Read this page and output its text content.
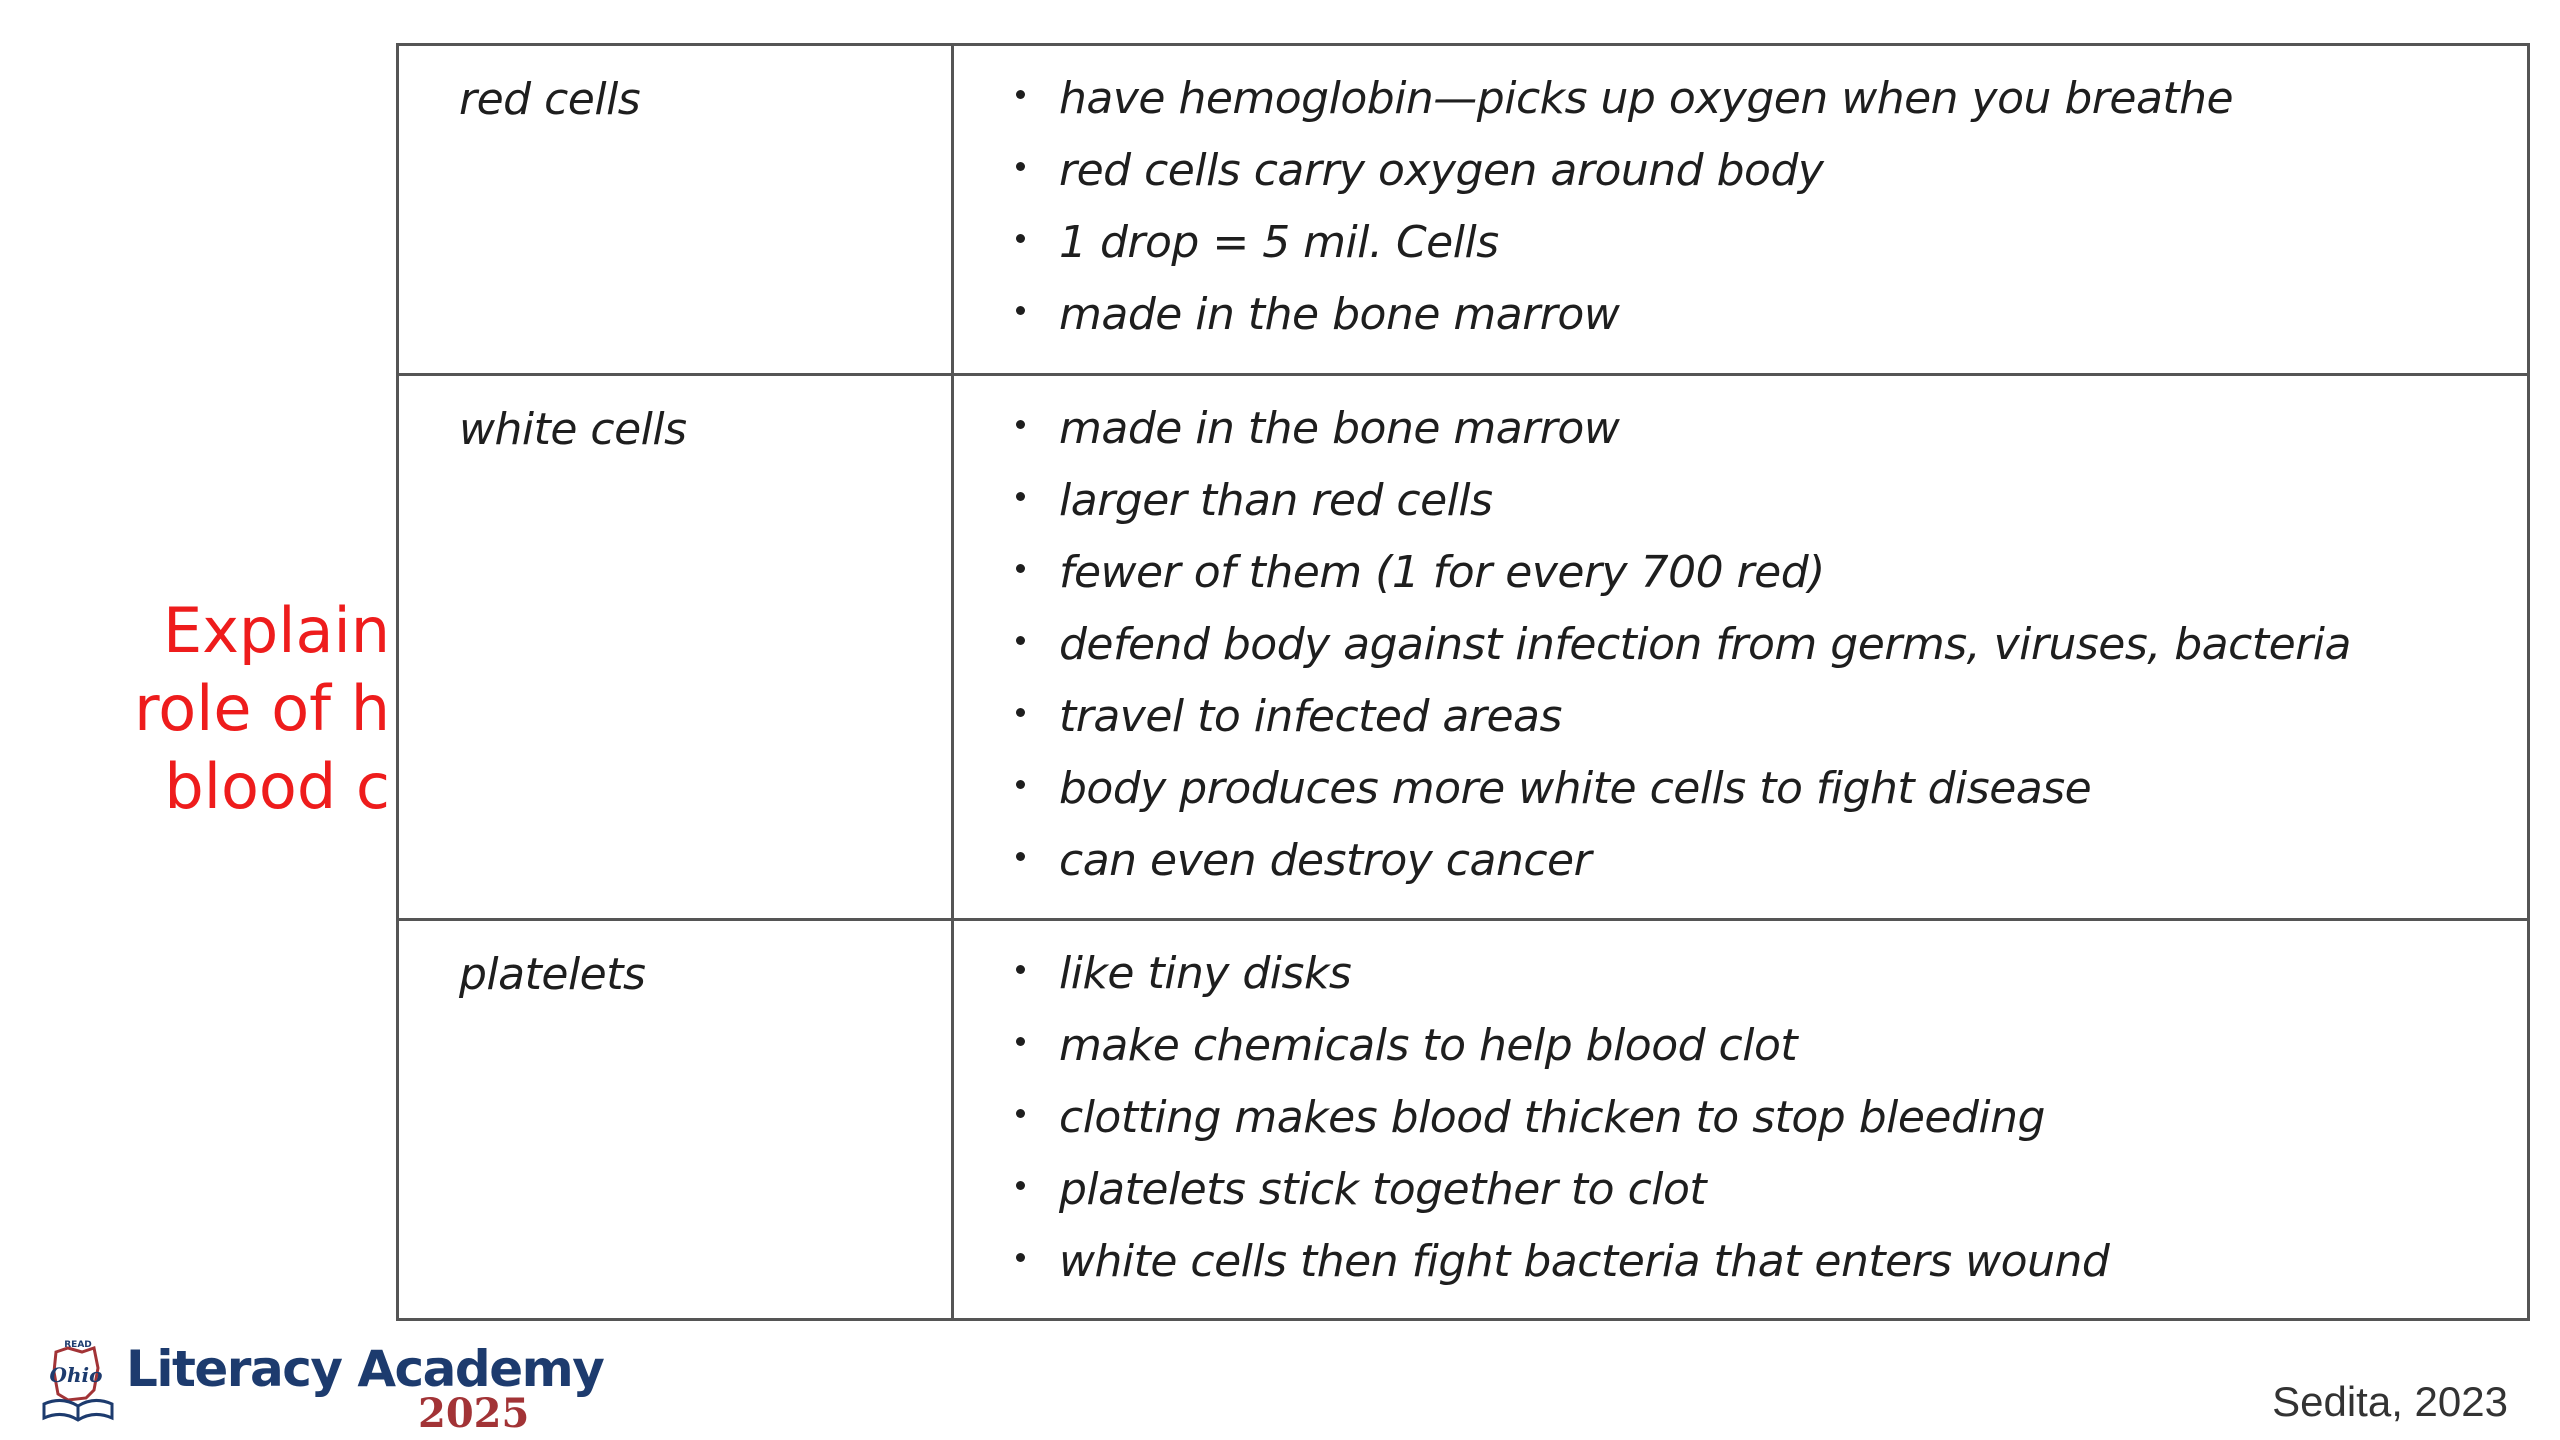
Explain
role of h
blood c
red cells	have hemoglobin—picks up oxygen when you breathe
red cells carry oxygen around body
1 drop = 5 mil. Cells
made in the bone marrow
white cells	made in the bone marrow
larger than red cells
fewer of them (1 for every 700 red)
defend body against infection from germs, viruses, bacteria
travel to infected areas
body produces more white cells to fight disease
can even destroy cancer
platelets	like tiny disks
make chemicals to help blood clot
clotting makes blood thicken to stop bleeding
platelets stick together to clot
white cells then fight bacteria that enters wound
READ
Ohio Literacy Academy
2025	Sedita, 2023
